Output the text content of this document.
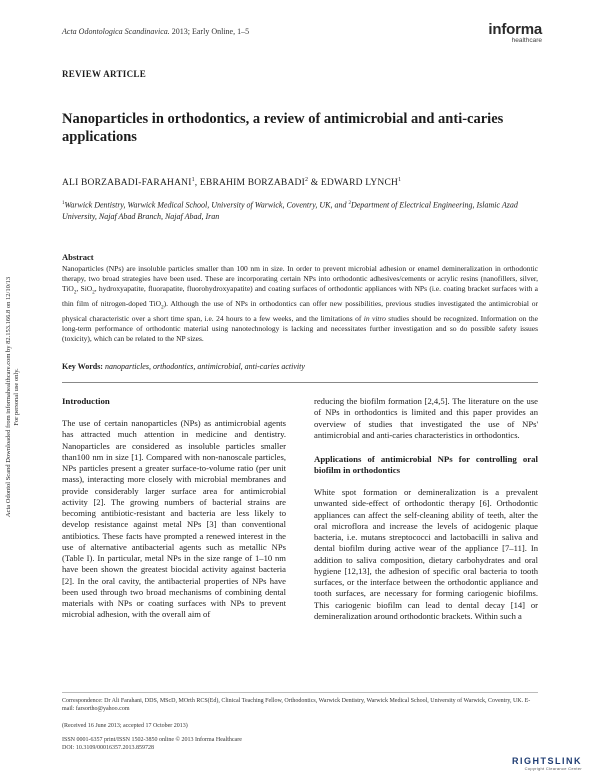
Acta Odontologica Scandinavica. 2013; Early Online, 1–5	informa
healthcare
REVIEW ARTICLE
Nanoparticles in orthodontics, a review of antimicrobial and anti-caries applications
ALI BORZABADI-FARAHANI$^1$, EBRAHIM BORZABADI$^2$ & EDWARD LYNCH$^1$
$^1$Warwick Dentistry, Warwick Medical School, University of Warwick, Coventry, UK, and $^2$Department of Electrical Engineering, Islamic Azad University, Najaf Abad Branch, Najaf Abad, Iran
Acta Odontol Scand Downloaded from informahealthcare.com by 82.153.166.8 on 12/10/13 For personal use only.
Abstract

Nanoparticles (NPs) are insoluble particles smaller than 100 nm in size. In order to prevent microbial adhesion or enamel demineralization in orthodontic therapy, two broad strategies have been used. These are incorporating certain NPs into orthodontic adhesives/cements or acrylic resins (nanofillers, silver, TiO$_2$, SiO$_2$, hydroxyapatite, fluorapatite, fluorohydroxyapatite) and coating surfaces of orthodontic appliances with NPs (i.e. coating bracket surfaces with a thin film of nitrogen-doped TiO$_2$). Although the use of NPs in orthodontics can offer new possibilities, previous studies investigated the antimicrobial or physical characteristic over a short time span, i.e. 24 hours to a few weeks, and the limitations of in vitro studies should be recognized. Information on the long-term performance of orthodontic material using nanotechnology is lacking and necessitates further investigation and so do possible safety issues (toxicity), which can be related to the NP sizes.

Key Words: nanoparticles, orthodontics, antimicrobial, anti-caries activity
Introduction

The use of certain nanoparticles (NPs) as antimicrobial agents has attracted much attention in medicine and dentistry. Nanoparticles are considered as insoluble particles smaller than100 nm in size [1]. Compared with non-nanoscale particles, NPs particles present a greater surface-to-volume ratio (per unit mass), interacting more closely with microbial membranes and provide considerably larger surface area for antimicrobial activity [2]. The growing numbers of bacterial strains are becoming antibiotic-resistant and bacteria are less likely to develop resistance against metal NPs [3] than conventional antibiotics. These facts have prompted a renewed interest in the use of alternative antibacterial agents such as metallic NPs (Table I). In particular, metal NPs in the size range of 1–10 nm have been shown the greatest biocidal activity against bacteria [2]. In the oral cavity, the antibacterial properties of NPs have been used through two broad mechanisms of combining dental materials with NPs or coating surfaces with NPs to prevent microbial adhesion, with the overall aim of

reducing the biofilm formation [2,4,5]. The literature on the use of NPs in orthodontics is limited and this paper provides an overview of studies that investigated the use of NPs' antimicrobial and anti-caries characteristics in orthodontics.

Applications of antimicrobial NPs for controlling oral biofilm in orthodontics

White spot formation or demineralization is a prevalent unwanted side-effect of orthodontic therapy [6]. Orthodontic appliances can affect the self-cleaning ability of teeth, alter the oral microflora and increase the levels of acidogenic plaque bacteria, i.e. mutans streptococci and lactobacilli in saliva and dental biofilm during active wear of the appliance [7–11]. In addition to saliva composition, dietary carbohydrates and oral hygiene [12,13], the adhesion of specific oral bacteria to tooth surfaces, or the interface between the orthodontic appliance and tooth surfaces, are necessary for forming cariogenic biofilms. This cariogenic biofilm can lead to dental decay [14] or demineralization around orthodontic brackets. Within such a

Correspondence: Dr Ali Farahani, DDS, MScD, MOrth RCS(Ed), Clinical Teaching Fellow, Orthodontics, Warwick Dentistry, Warwick Medical School, University of Warwick, Coventry, UK. E-mail: farsortho@yahoo.com
(Received 16 June 2013; accepted 17 October 2013)
ISSN 0001-6357 print/ISSN 1502-3850 online © 2013 Informa Healthcare
DOI: 10.3109/00016357.2013.859728
RIGHTSLINK
Copyright Clearance Center
